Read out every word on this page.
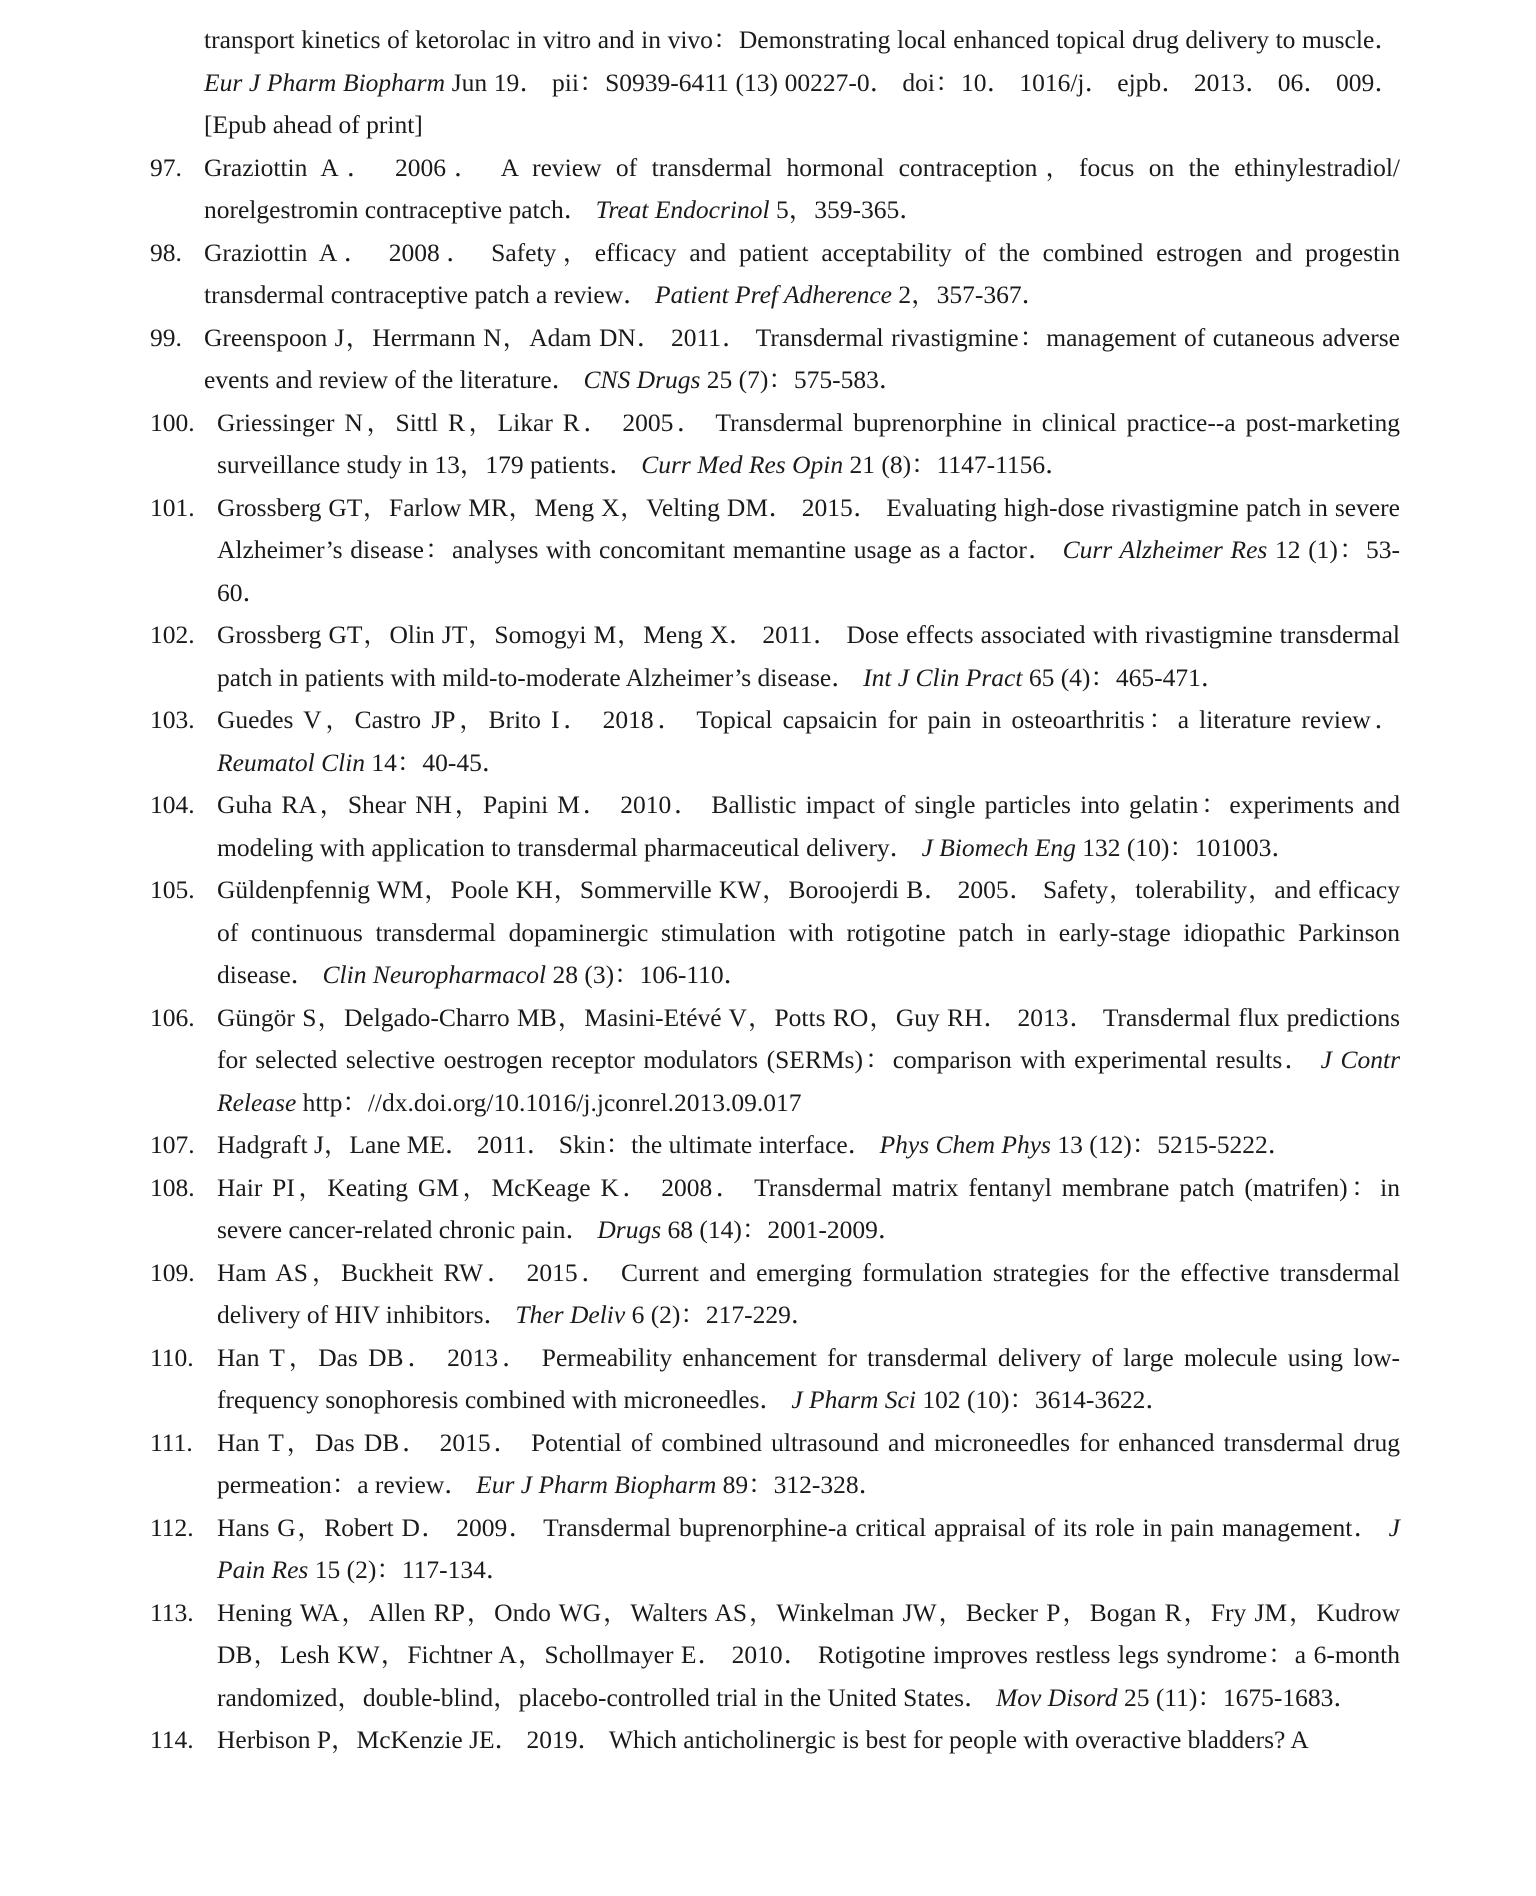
transport kinetics of ketorolac in vitro and in vivo：Demonstrating local enhanced topical drug delivery to muscle． Eur J Pharm Biopharm Jun 19． pii：S0939-6411 (13) 00227-0． doi：10． 1016/j． ejpb． 2013． 06． 009． [Epub ahead of print]
97. Graziottin A． 2006． A review of transdermal hormonal contraception，focus on the ethinylestradiol/ norelgestromin contraceptive patch． Treat Endocrinol 5，359-365．
98. Graziottin A． 2008． Safety，efficacy and patient acceptability of the combined estrogen and progestin transdermal contraceptive patch a review． Patient Pref Adherence 2，357-367．
99. Greenspoon J，Herrmann N，Adam DN． 2011． Transdermal rivastigmine：management of cutaneous adverse events and review of the literature． CNS Drugs 25 (7)：575-583．
100. Griessinger N，Sittl R，Likar R． 2005． Transdermal buprenorphine in clinical practice--a post-marketing surveillance study in 13，179 patients． Curr Med Res Opin 21 (8)：1147-1156．
101. Grossberg GT，Farlow MR，Meng X，Velting DM． 2015． Evaluating high-dose rivastigmine patch in severe Alzheimer’s disease：analyses with concomitant memantine usage as a factor． Curr Alzheimer Res 12 (1)：53-60．
102. Grossberg GT，Olin JT，Somogyi M，Meng X． 2011． Dose effects associated with rivastigmine transdermal patch in patients with mild-to-moderate Alzheimer’s disease． Int J Clin Pract 65 (4)：465-471．
103. Guedes V，Castro JP，Brito I． 2018． Topical capsaicin for pain in osteoarthritis：a literature review． Reumatol Clin 14：40-45．
104. Guha RA，Shear NH，Papini M． 2010． Ballistic impact of single particles into gelatin：experiments and modeling with application to transdermal pharmaceutical delivery． J Biomech Eng 132 (10)：101003．
105. Güldenpfennig WM，Poole KH，Sommerville KW，Boroojerdi B． 2005． Safety，tolerability，and efficacy of continuous transdermal dopaminergic stimulation with rotigotine patch in early-stage idiopathic Parkinson disease． Clin Neuropharmacol 28 (3)：106-110．
106. Güngör S，Delgado-Charro MB，Masini-Etévé V，Potts RO，Guy RH． 2013． Transdermal flux predictions for selected selective oestrogen receptor modulators (SERMs)：comparison with experimental results． J Contr Release http：//dx.doi.org/10.1016/j.jconrel.2013.09.017
107. Hadgraft J，Lane ME． 2011． Skin：the ultimate interface． Phys Chem Phys 13 (12)：5215-5222．
108. Hair PI，Keating GM，McKeage K． 2008． Transdermal matrix fentanyl membrane patch (matrifen)：in severe cancer-related chronic pain． Drugs 68 (14)：2001-2009．
109. Ham AS，Buckheit RW． 2015． Current and emerging formulation strategies for the effective transdermal delivery of HIV inhibitors． Ther Deliv 6 (2)：217-229．
110. Han T，Das DB． 2013． Permeability enhancement for transdermal delivery of large molecule using low-frequency sonophoresis combined with microneedles． J Pharm Sci 102 (10)：3614-3622．
111. Han T，Das DB． 2015． Potential of combined ultrasound and microneedles for enhanced transdermal drug permeation：a review． Eur J Pharm Biopharm 89：312-328．
112. Hans G，Robert D． 2009． Transdermal buprenorphine-a critical appraisal of its role in pain management． J Pain Res 15 (2)：117-134．
113. Hening WA，Allen RP，Ondo WG，Walters AS，Winkelman JW，Becker P，Bogan R，Fry JM，Kudrow DB，Lesh KW，Fichtner A，Schollmayer E． 2010． Rotigotine improves restless legs syndrome：a 6-month randomized，double-blind，placebo-controlled trial in the United States． Mov Disord 25 (11)：1675-1683．
114. Herbison P，McKenzie JE． 2019． Which anticholinergic is best for people with overactive bladders? A
